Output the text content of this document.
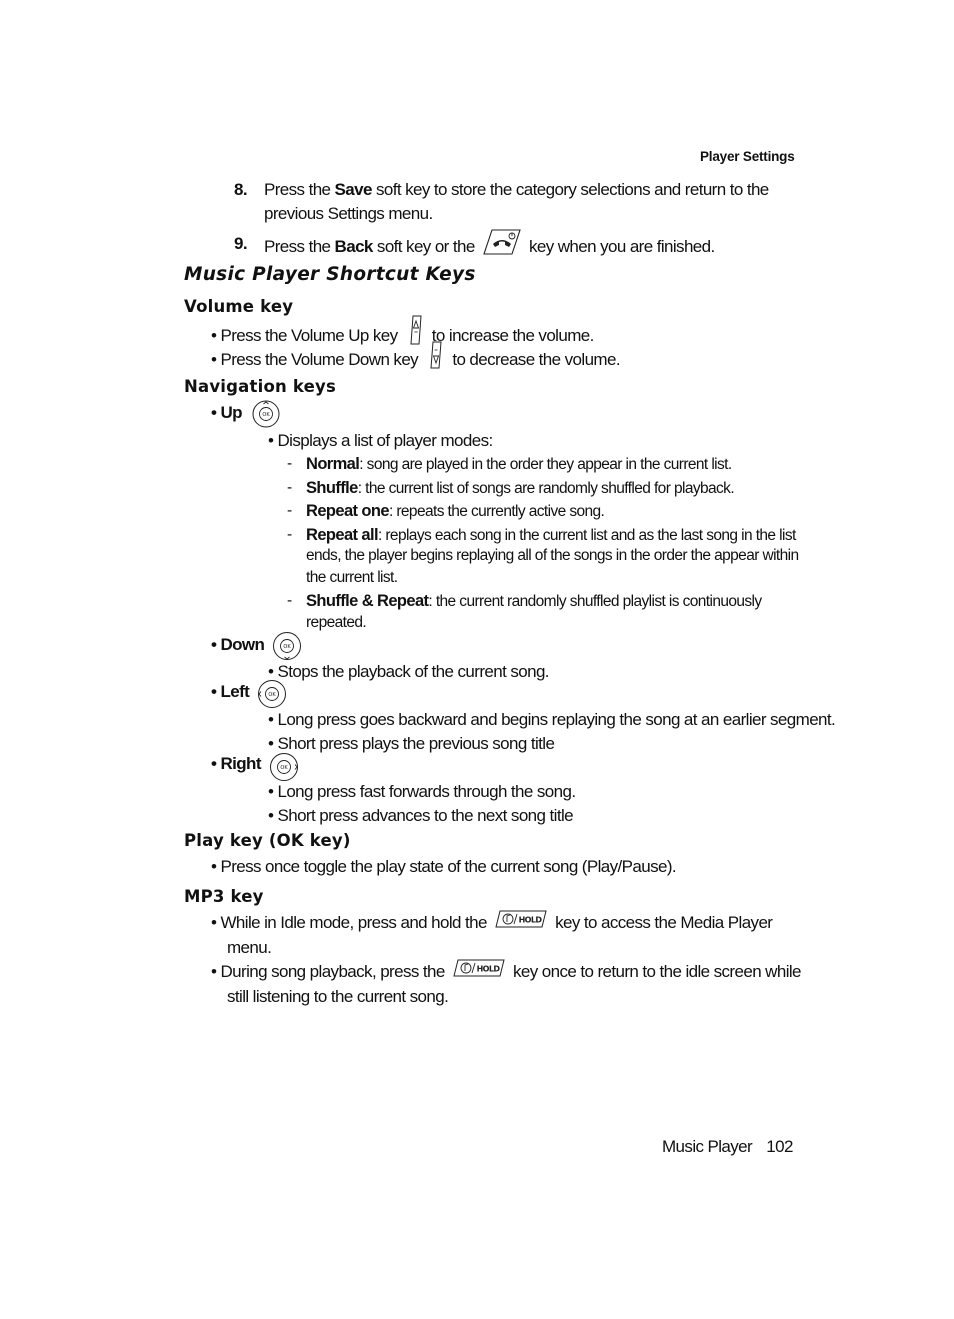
Player Settings
8. Press the Save soft key to store the category selections and return to the
previous Settings menu.
9. Press the Back soft key or the	key when you are finished.
Music Player Shortcut Keys
Volume key
• Press the Volume Up key to increase the volume.
• Press the Volume Down key to decrease the volume.
Navigation keys
• Up	OK
• Displays a list of player modes:
- Normal: song are played in the order they appear in the current list.
- Shuffle: the current list of songs are randomly shuffled for playback.
- Repeat one: repeats the currently active song.
- Repeat all: replays each song in the current list and as the last song in the list
ends, the player begins replaying all of the songs in the order the appear within
the current list.
- Shuffle & Repeat: the current randomly shuffled playlist is continuously
repeated.
• Down	OK
• Stops the playback of the current song.
• Left	OK
• Long press goes backward and begins replaying the song at an earlier segment.
• Short press plays the previous song title
• Right	OK
• Long press fast forwards through the song.
• Short press advances to the next song title
Play key (OK key)
• Press once toggle the play state of the current song (Play/Pause).
MP3 key
• While in Idle mode, press and hold the	HOLD key to access the Media Player
menu.
• During song playback, press the	HOLD key once to return to the idle screen while
still listening to the current song.
Music Player 102
